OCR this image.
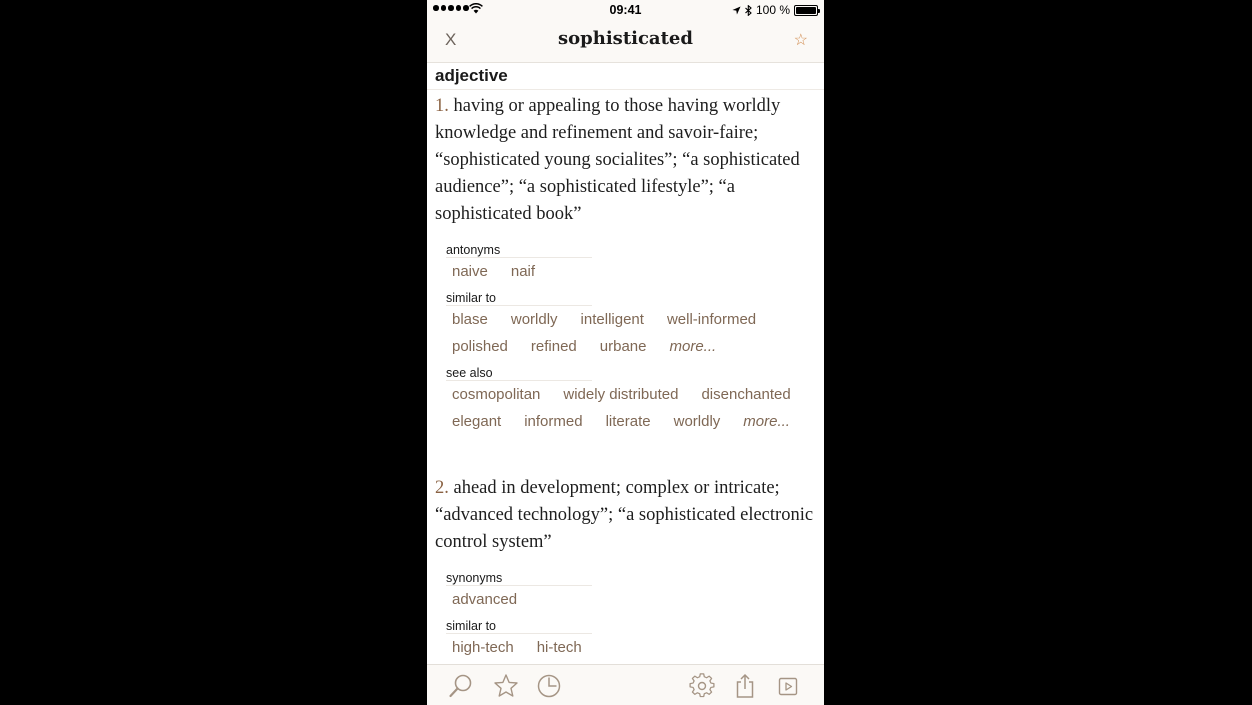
09:41	100 %
X	sophisticated	☆
adjective
1. having or appealing to those having worldly knowledge and refinement and savoir-faire; “sophisticated young socialites”; “a sophisticated audience”; “a sophisticated lifestyle”; “a sophisticated book”
antonyms
naive	naif
similar to
blase	worldly	intelligent	well-informed
polished	refined	urbane	more...
see also
cosmopolitan	widely distributed	disenchanted
elegant	informed	literate	worldly	more...
2. ahead in development; complex or intricate; “advanced technology”; “a sophisticated electronic control system”
synonyms
advanced
similar to
high-tech	hi-tech
